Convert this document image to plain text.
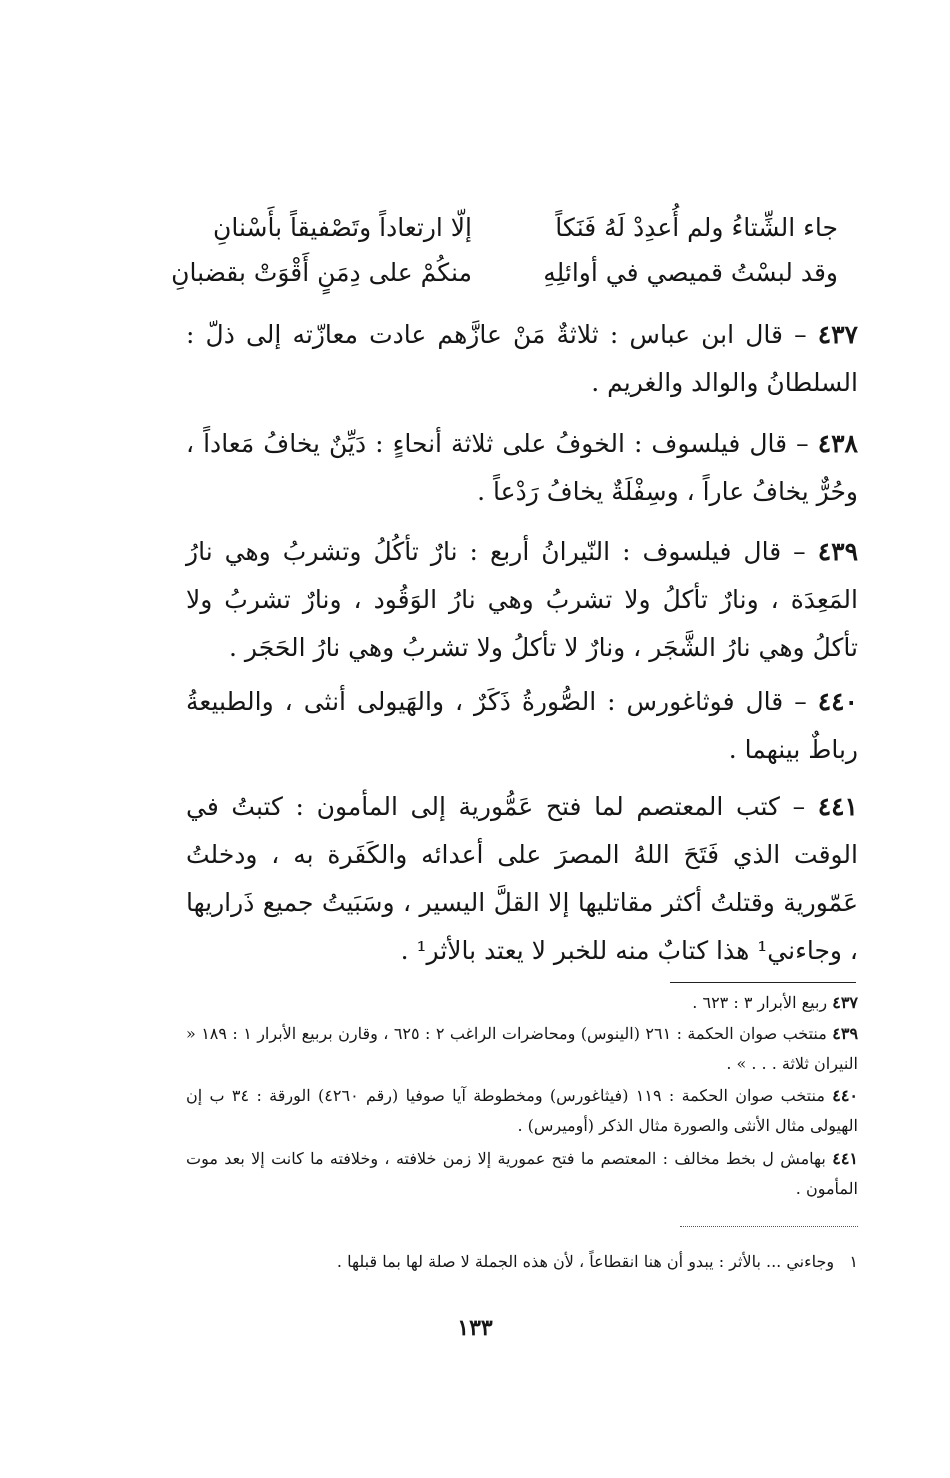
جاء الشِّتاءُ ولم أُعدِدْ لَهُ فَنَكاً
إلّا ارتعاداً وتَصْفيقاً بأَسْنانِ
وقد لبسْتُ قميصي في أوائلِهِ
منكُمْ على دِمَنٍ أَقْوَتْ بقضبانِ
٤٣٧ – قال ابن عباس : ثلاثةٌ مَنْ عازَّهم عادت معازّته إلى ذلّ : السلطانُ والوالد والغريم .
٤٣٨ – قال فيلسوف : الخوفُ على ثلاثة أنحاءٍ : دَيِّنٌ يخافُ مَعاداً ، وحُرٌّ يخافُ عاراً ، وسِفْلَةٌ يخافُ رَدْعاً .
٤٣٩ – قال فيلسوف : النّيرانُ أربع : نارٌ تأكُلُ وتشربُ وهي نارُ المَعِدَة ، ونارٌ تأكلُ ولا تشربُ وهي نارُ الوَقُود ، ونارٌ تشربُ ولا تأكلُ وهي نارُ الشَّجَر ، ونارٌ لا تأكلُ ولا تشربُ وهي نارُ الحَجَر .
٤٤٠ – قال فوثاغورس : الصُّورةُ ذَكَرٌ ، والهَيولى أنثى ، والطبيعةُ رباطٌ بينهما .
٤٤١ – كتب المعتصم لما فتح عَمُّورية إلى المأمون : كتبتُ في الوقت الذي فَتَحَ اللهُ المصرَ على أعدائه والكَفَرة به ، ودخلتُ عَمّورية وقتلتُ أكثر مقاتليها إلا القلَّ اليسير ، وسَبَيتُ جميع ذَراريها ، وجاءني¹ هذا كتابٌ منه للخبر لا يعتد بالأثر¹ .
٤٣٧ ربيع الأبرار ٣ : ٦٢٣ .
٤٣٩ منتخب صوان الحكمة : ٢٦١ (الينوس) ومحاضرات الراغب ٢ : ٦٢٥ ، وقارن بربيع الأبرار ١ : ١٨٩ « النيران ثلاثة . . . » .
٤٤٠ منتخب صوان الحكمة : ١١٩ (فيثاغورس) ومخطوطة آيا صوفيا (رقم ٤٢٦٠) الورقة : ٣٤ ب إن الهيولى مثال الأنثى والصورة مثال الذكر (أوميرس) .
٤٤١ بهامش ل بخط مخالف : المعتصم ما فتح عمورية إلا زمن خلافته ، وخلافته ما كانت إلا بعد موت المأمون .
١   وجاءني ... بالأثر : يبدو أن هنا انقطاعاً ، لأن هذه الجملة لا صلة لها بما قبلها .
١٣٣
